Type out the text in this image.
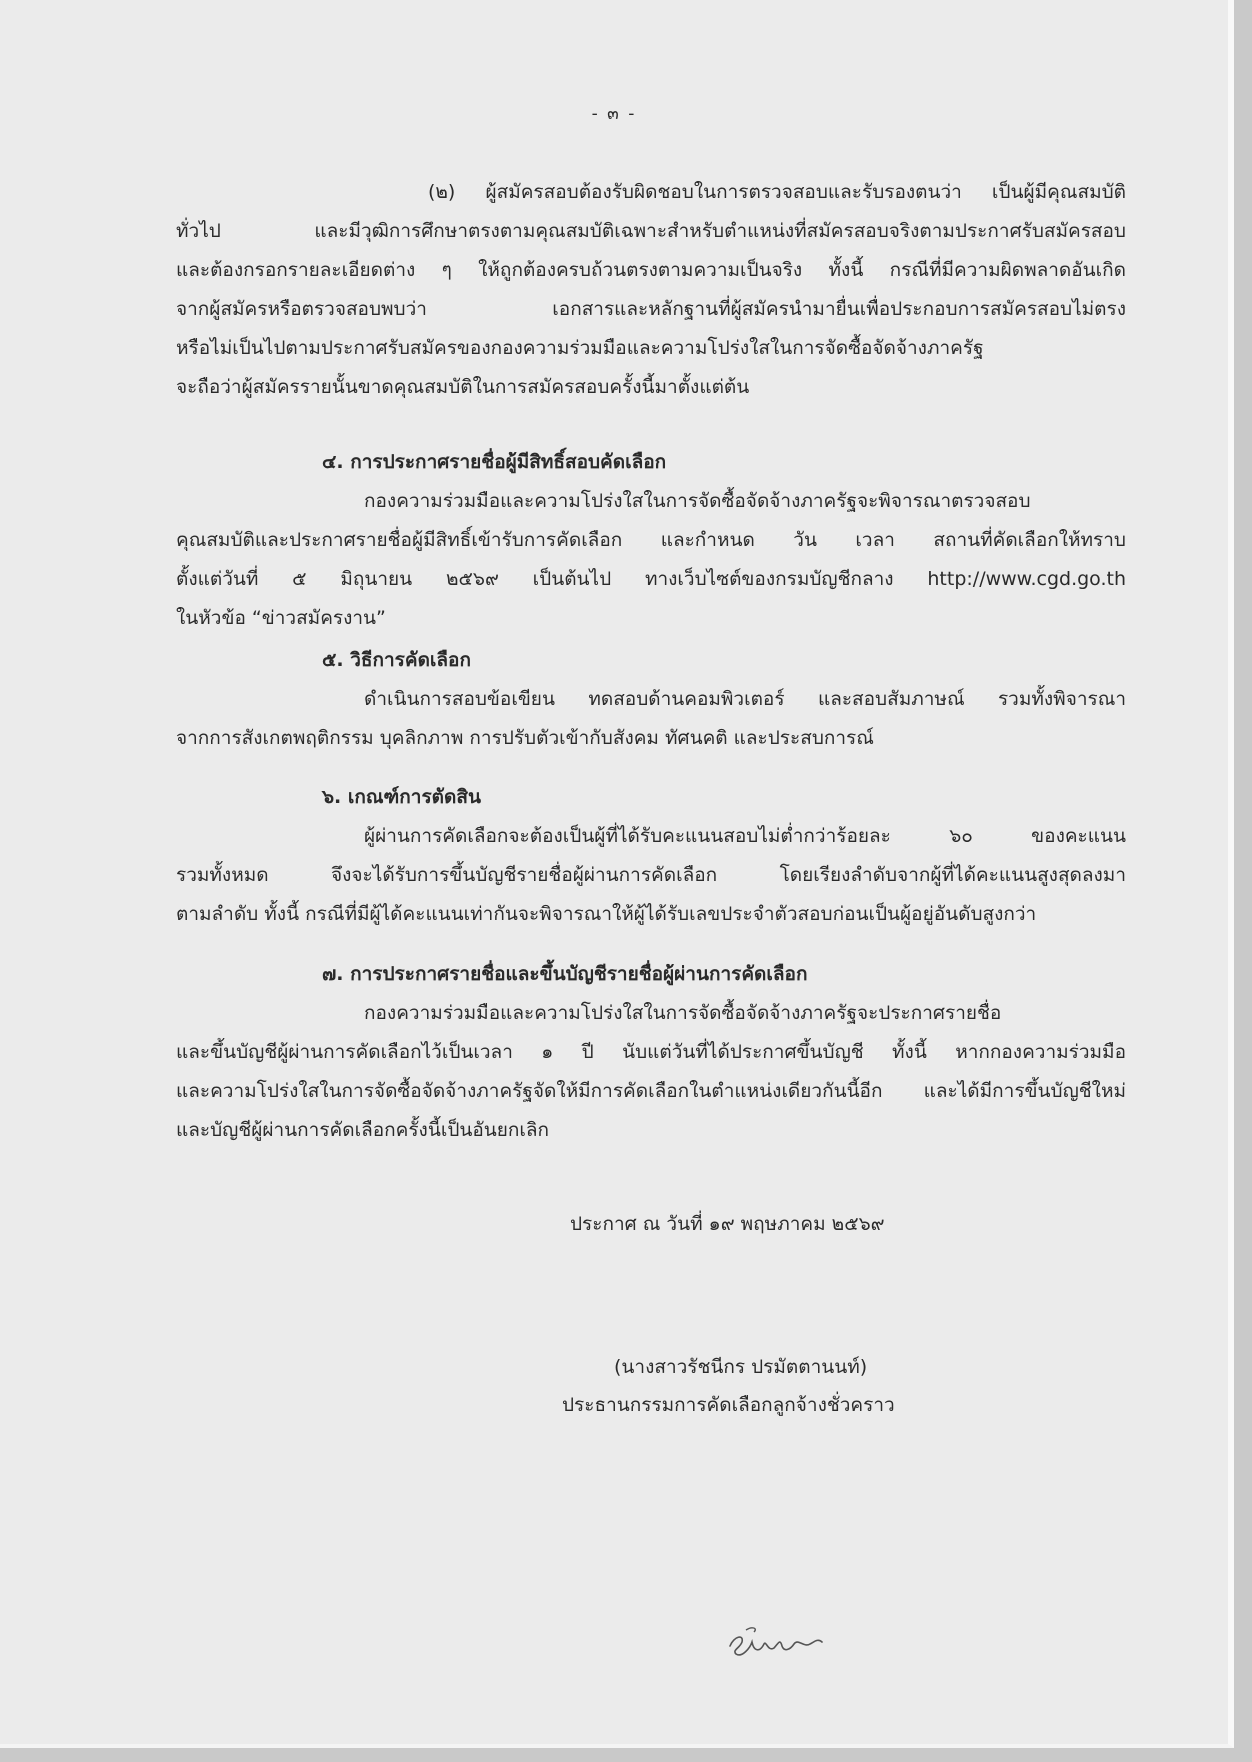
- ๓ -
(๒) ผู้สมัครสอบต้องรับผิดชอบในการตรวจสอบและรับรองตนว่า เป็นผู้มีคุณสมบัติ
ทั่วไป และมีวุฒิการศึกษาตรงตามคุณสมบัติเฉพาะสำหรับตำแหน่งที่สมัครสอบจริงตามประกาศรับสมัครสอบ
และต้องกรอกรายละเอียดต่าง ๆ ให้ถูกต้องครบถ้วนตรงตามความเป็นจริง ทั้งนี้ กรณีที่มีความผิดพลาดอันเกิด
จากผู้สมัครหรือตรวจสอบพบว่า เอกสารและหลักฐานที่ผู้สมัครนำมายื่นเพื่อประกอบการสมัครสอบไม่ตรง
หรือไม่เป็นไปตามประกาศรับสมัครของกองความร่วมมือและความโปร่งใสในการจัดซื้อจัดจ้างภาครัฐ
จะถือว่าผู้สมัครรายนั้นขาดคุณสมบัติในการสมัครสอบครั้งนี้มาตั้งแต่ต้น
๔. การประกาศรายชื่อผู้มีสิทธิ์สอบคัดเลือก
กองความร่วมมือและความโปร่งใสในการจัดซื้อจัดจ้างภาครัฐจะพิจารณาตรวจสอบ
คุณสมบัติและประกาศรายชื่อผู้มีสิทธิ์เข้ารับการคัดเลือก และกำหนด วัน เวลา สถานที่คัดเลือกให้ทราบ
ตั้งแต่วันที่ ๕ มิถุนายน ๒๕๖๙ เป็นต้นไป ทางเว็บไซต์ของกรมบัญชีกลาง http://www.cgd.go.th
ในหัวข้อ “ข่าวสมัครงาน”
๕. วิธีการคัดเลือก
ดำเนินการสอบข้อเขียน ทดสอบด้านคอมพิวเตอร์ และสอบสัมภาษณ์ รวมทั้งพิจารณา
จากการสังเกตพฤติกรรม บุคลิกภาพ การปรับตัวเข้ากับสังคม ทัศนคติ และประสบการณ์
๖. เกณฑ์การตัดสิน
ผู้ผ่านการคัดเลือกจะต้องเป็นผู้ที่ได้รับคะแนนสอบไม่ต่ำกว่าร้อยละ ๖๐ ของคะแนน
รวมทั้งหมด จึงจะได้รับการขึ้นบัญชีรายชื่อผู้ผ่านการคัดเลือก โดยเรียงลำดับจากผู้ที่ได้คะแนนสูงสุดลงมา
ตามลำดับ ทั้งนี้ กรณีที่มีผู้ได้คะแนนเท่ากันจะพิจารณาให้ผู้ได้รับเลขประจำตัวสอบก่อนเป็นผู้อยู่อันดับสูงกว่า
๗. การประกาศรายชื่อและขึ้นบัญชีรายชื่อผู้ผ่านการคัดเลือก
กองความร่วมมือและความโปร่งใสในการจัดซื้อจัดจ้างภาครัฐจะประกาศรายชื่อ
และขึ้นบัญชีผู้ผ่านการคัดเลือกไว้เป็นเวลา ๑ ปี นับแต่วันที่ได้ประกาศขึ้นบัญชี ทั้งนี้ หากกองความร่วมมือ
และความโปร่งใสในการจัดซื้อจัดจ้างภาครัฐจัดให้มีการคัดเลือกในตำแหน่งเดียวกันนี้อีก และได้มีการขึ้นบัญชีใหม่
และบัญชีผู้ผ่านการคัดเลือกครั้งนี้เป็นอันยกเลิก
ประกาศ ณ วันที่ ๑๙ พฤษภาคม ๒๕๖๙
(นางสาวรัชนีกร ปรมัตตานนท์)
ประธานกรรมการคัดเลือกลูกจ้างชั่วคราว
